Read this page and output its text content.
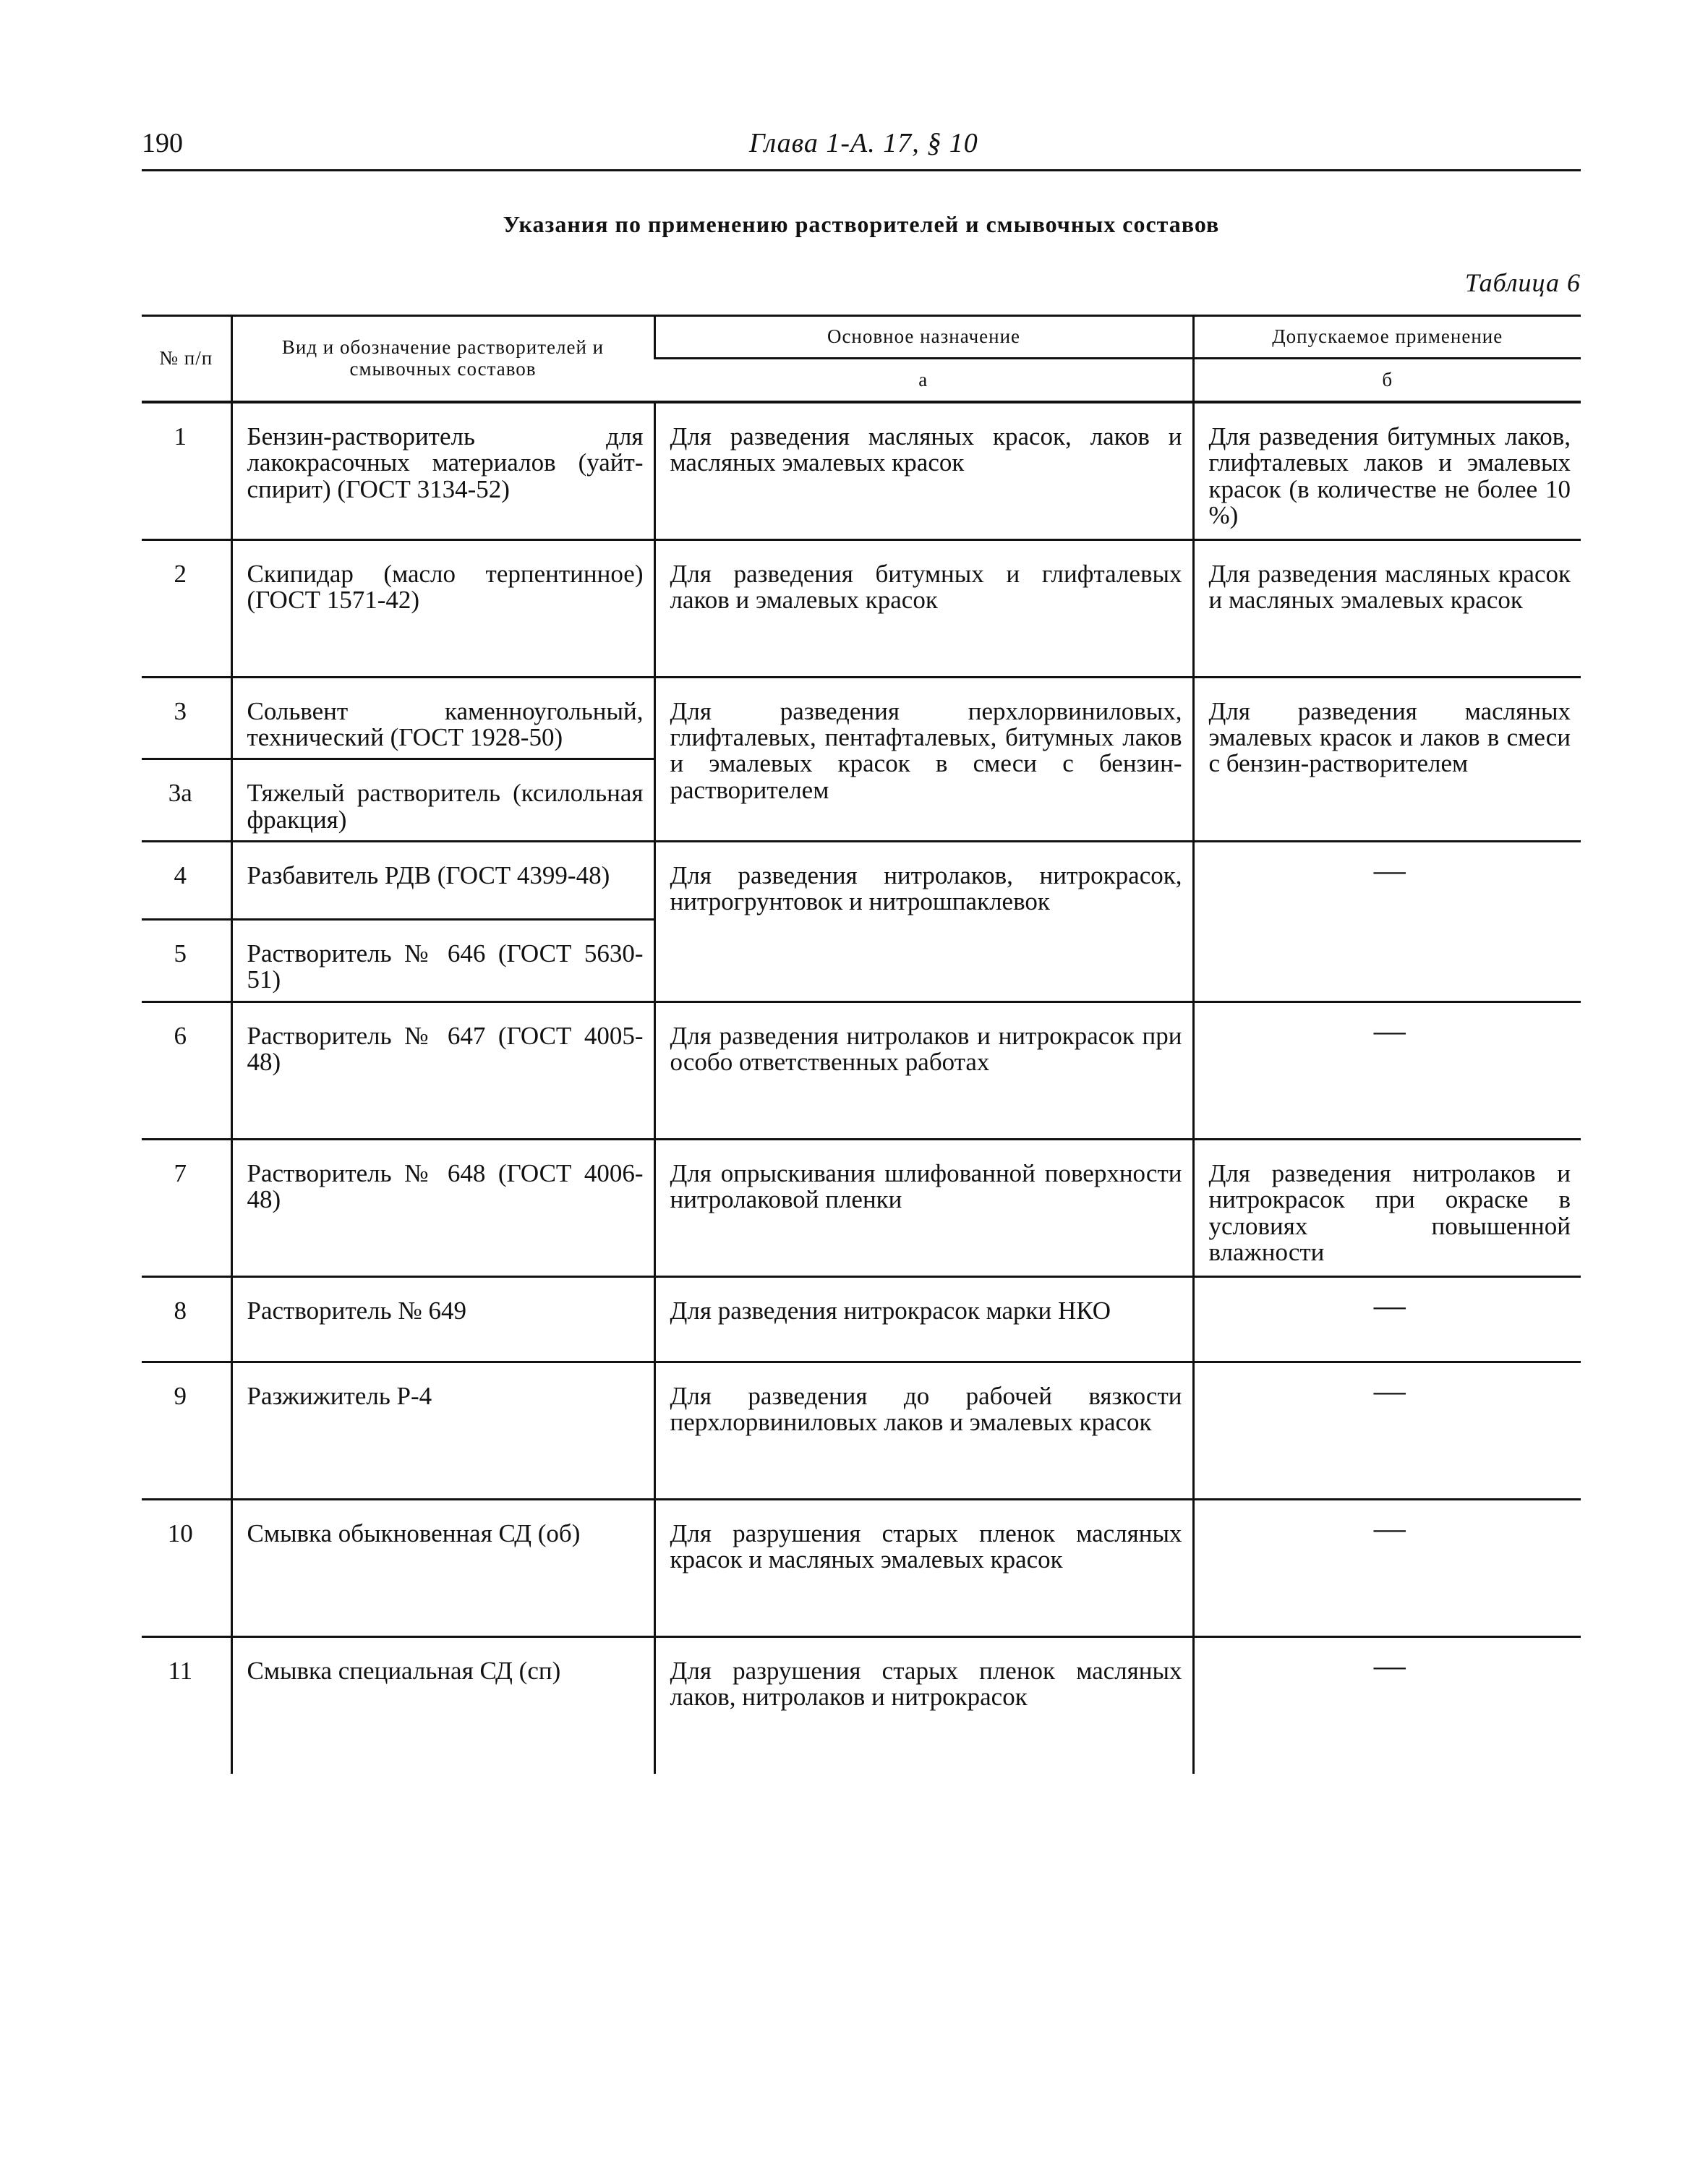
190	Глава 1-А. 17, § 10
Указания по применению растворителей и смывочных составов
Таблица 6
№ п/п	Вид и обозначение растворителей и смывочных составов	Основное назначение	Допускаемое применение
		а	б
1	Бензин-растворитель для лакокрасочных материалов (уайт-спирит) (ГОСТ 3134-52)	Для разведения масляных красок, лаков и масляных эмалевых красок	Для разведения битумных лаков, глифталевых лаков и эмалевых красок (в количестве не более 10 %)
2	Скипидар (масло терпентинное) (ГОСТ 1571-42)	Для разведения битумных и глифталевых лаков и эмалевых красок	Для разведения масляных красок и масляных эмалевых красок
3	Сольвент каменноугольный, технический (ГОСТ 1928-50)	Для разведения перхлорвиниловых, глифталевых, пентафталевых, битумных лаков и эмалевых красок в смеси с бензин-растворителем	Для разведения масляных эмалевых красок и лаков в смеси с бензин-растворителем
3а	Тяжелый растворитель (ксилольная фракция)		
4	Разбавитель РДВ (ГОСТ 4399-48)	Для разведения нитролаков, нитрокрасок, нитрогрунтовок и нитрошпаклевок	—
5	Растворитель № 646 (ГОСТ 5630-51)		
6	Растворитель № 647 (ГОСТ 4005-48)	Для разведения нитролаков и нитрокрасок при особо ответственных работах	—
7	Растворитель № 648 (ГОСТ 4006-48)	Для опрыскивания шлифованной поверхности нитролаковой пленки	Для разведения нитролаков и нитрокрасок при окраске в условиях повышенной влажности
8	Растворитель № 649	Для разведения нитрокрасок марки НКО	—
9	Разжижитель Р-4	Для разведения до рабочей вязкости перхлорвиниловых лаков и эмалевых красок	—
10	Смывка обыкновенная СД (об)	Для разрушения старых пленок масляных красок и масляных эмалевых красок	—
11	Смывка специальная СД (сп)	Для разрушения старых пленок масляных лаков, нитролаков и нитрокрасок	—
